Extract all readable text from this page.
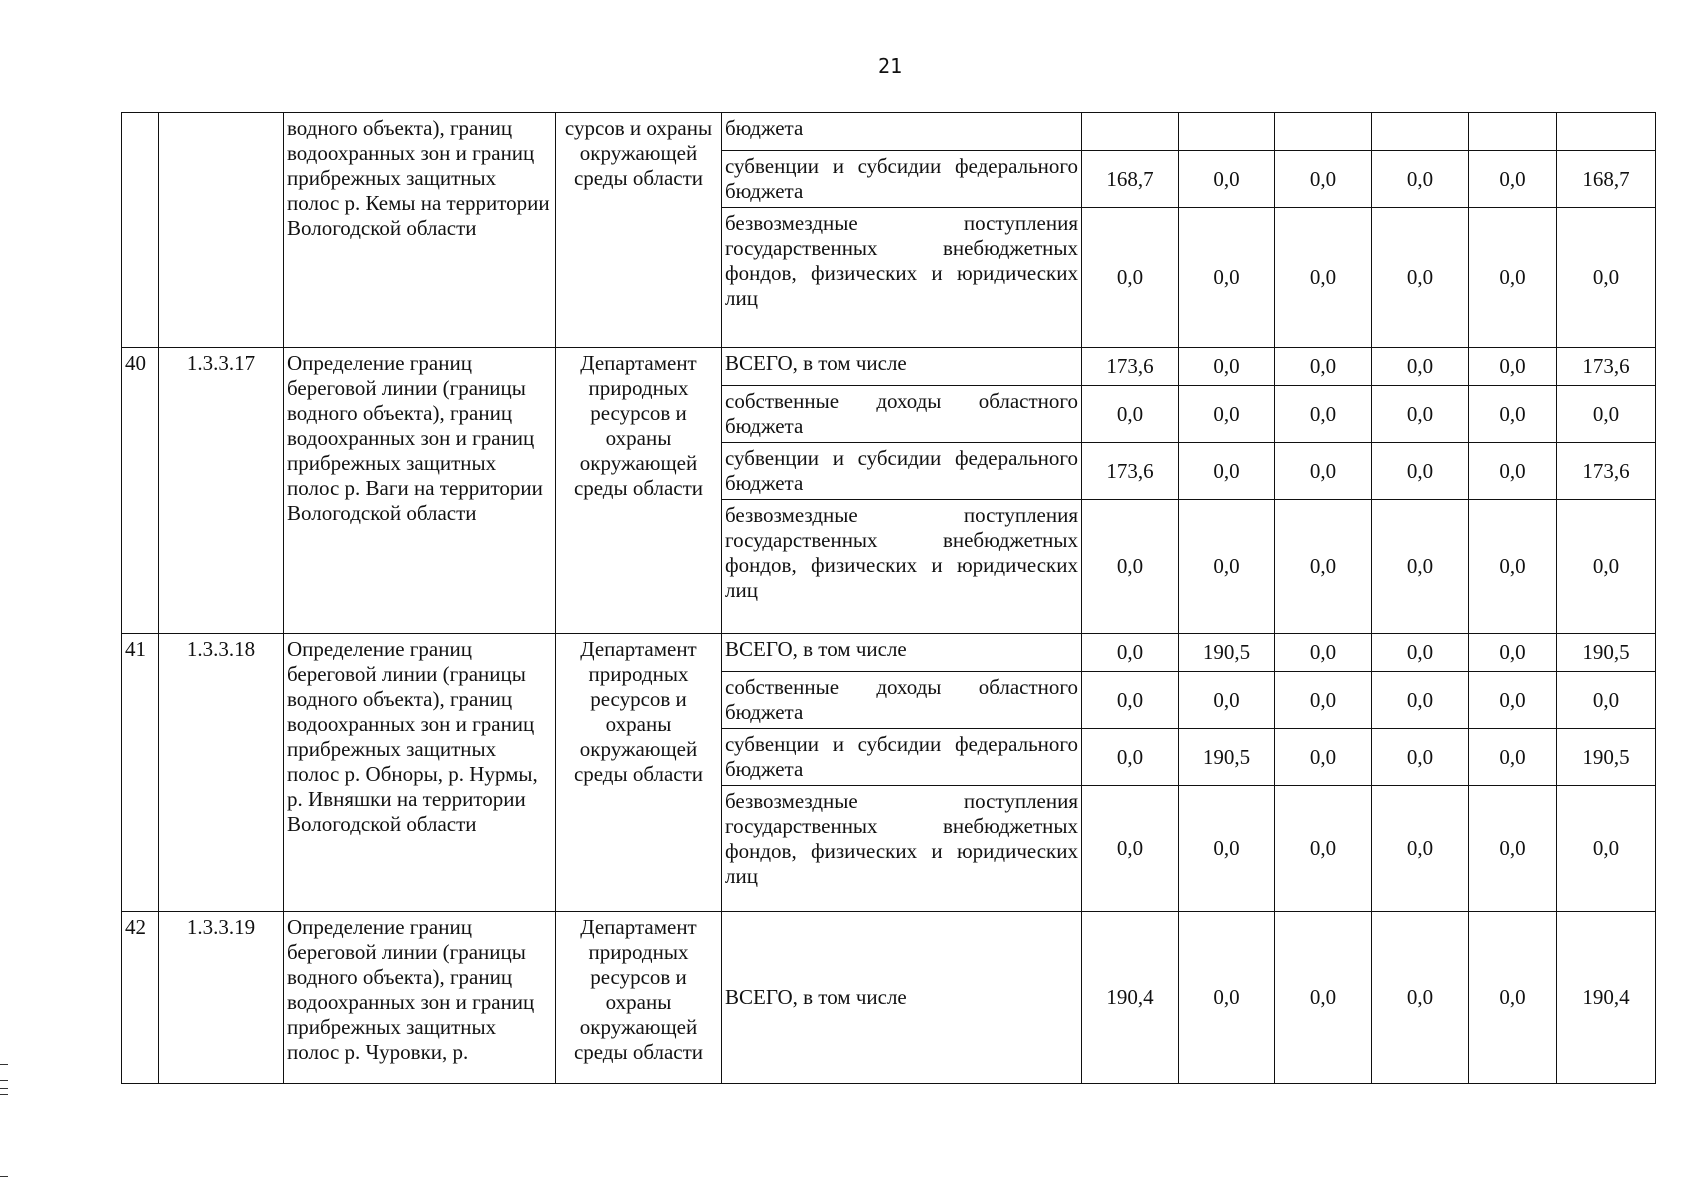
21
		водного объекта), границ водоохранных зон и границ прибрежных защитных полос р. Кемы на территории Вологодской области	сурсов и охраны окружающей среды области	бюджета						
				субвенции и субсидии федерального бюджета	168,7	0,0	0,0	0,0	0,0	168,7
				безвозмездные поступления государственных внебюджетных фондов, физических и юридических лиц	0,0	0,0	0,0	0,0	0,0	0,0
40	1.3.3.17	Определение границ береговой линии (границы водного объекта), границ водоохранных зон и границ прибрежных защитных полос р. Ваги на территории Вологодской области	Департамент природных ресурсов и охраны окружающей среды области	ВСЕГО, в том числе	173,6	0,0	0,0	0,0	0,0	173,6
				собственные доходы областного бюджета	0,0	0,0	0,0	0,0	0,0	0,0
				субвенции и субсидии федерального бюджета	173,6	0,0	0,0	0,0	0,0	173,6
				безвозмездные поступления государственных внебюджетных фондов, физических и юридических лиц	0,0	0,0	0,0	0,0	0,0	0,0
41	1.3.3.18	Определение границ береговой линии (границы водного объекта), границ водоохранных зон и границ прибрежных защитных полос р. Обноры, р. Нурмы, р. Ивняшки на территории Вологодской области	Департамент природных ресурсов и охраны окружающей среды области	ВСЕГО, в том числе	0,0	190,5	0,0	0,0	0,0	190,5
				собственные доходы областного бюджета	0,0	0,0	0,0	0,0	0,0	0,0
				субвенции и субсидии федерального бюджета	0,0	190,5	0,0	0,0	0,0	190,5
				безвозмездные поступления государственных внебюджетных фондов, физических и юридических лиц	0,0	0,0	0,0	0,0	0,0	0,0
42	1.3.3.19	Определение границ береговой линии (границы водного объекта), границ водоохранных зон и границ прибрежных защитных полос р. Чуровки, р.	Департамент природных ресурсов и охраны окружающей среды области	ВСЕГО, в том числе	190,4	0,0	0,0	0,0	0,0	190,4
